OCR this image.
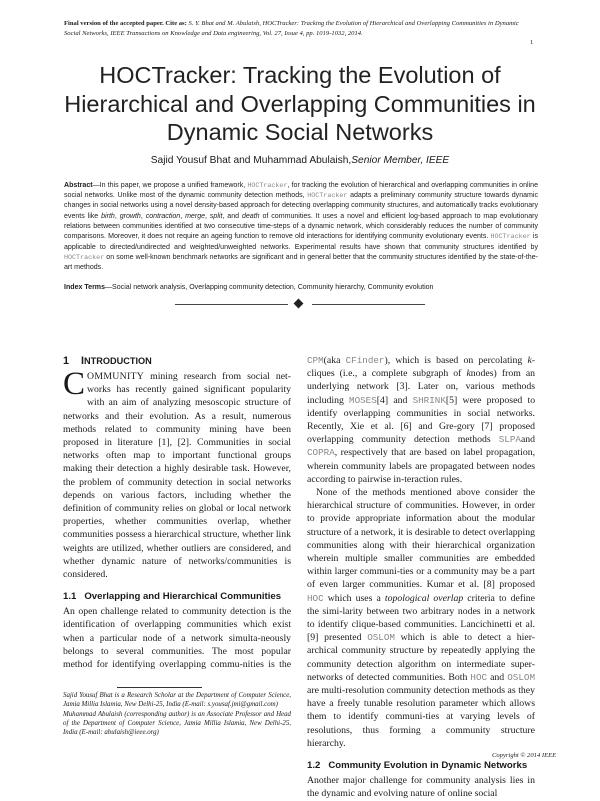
Final version of the accepted paper. Cite as: S. Y. Bhat and M. Abulaish, HOCTracker: Tracking the Evolution of Hierarchical and Overlapping Communities in Dynamic Social Networks, IEEE Transactions on Knowledge and Data engineering, Vol. 27, Issue 4, pp. 1019-1032, 2014.
1
HOCTracker: Tracking the Evolution of Hierarchical and Overlapping Communities in Dynamic Social Networks
Sajid Yousuf Bhat and Muhammad Abulaish,Senior Member, IEEE
Abstract—In this paper, we propose a unified framework, HOCTracker, for tracking the evolution of hierarchical and overlapping communities in online social networks. Unlike most of the dynamic community detection methods, HOCTracker adapts a preliminary community structure towards dynamic changes in social networks using a novel density-based approach for detecting overlapping community structures, and automatically tracks evolutionary events like birth, growth, contraction, merge, split, and death of communities. It uses a novel and efficient log-based approach to map evolutionary relations between communities identified at two consecutive time-steps of a dynamic network, which considerably reduces the number of community comparisons. Moreover, it does not require an ageing function to remove old interactions for identifying community evolutionary events. HOCTracker is applicable to directed/undirected and weighted/unweighted networks. Experimental results have shown that community structures identified by HOCTracker on some well-known benchmark networks are significant and in general better that the community structures identified by the state-of-the-art methods.
Index Terms—Social network analysis, Overlapping community detection, Community hierarchy, Community evolution
1 INTRODUCTION

COMMUNITY mining research from social net-works has recently gained significant popularity with an aim of analyzing mesoscopic structure of networks and their evolution. As a result, numerous methods related to community mining have been proposed in literature [1], [2]. Communities in social networks often map to important functional groups making their detection a highly desirable task. However, the problem of community detection in social networks depends on various factors, including whether the definition of community relies on global or local network properties, whether communities overlap, whether communities possess a hierarchical structure, whether link weights are utilized, whether outliers are considered, and whether dynamic nature of networks/communities is considered.

1.1   Overlapping and Hierarchical Communities

An open challenge related to community detection is the identification of overlapping communities which exist when a particular node of a network simulta-neously belongs to several communities. The most popular method for identifying overlapping commu-nities is the

CPM(aka CFinder), which is based on percolating k-cliques (i.e., a complete subgraph of knodes) from an underlying network [3]. Later on, various methods including MOSES[4] and SHRINK[5] were proposed to identify overlapping communities in social networks. Recently, Xie et al. [6] and Gre-gory [7] proposed overlapping community detection methods SLPAand COPRA, respectively that are based on label propagation, wherein community labels are propagated between nodes according to pairwise in-teraction rules.

None of the methods mentioned above consider the hierarchical structure of communities. However, in order to provide appropriate information about the modular structure of a network, it is desirable to detect overlapping communities along with their hierarchical organization wherein multiple smaller communities are embedded within larger communi-ties or a community may be a part of even larger communities. Kumar et al. [8] proposed HOC which uses a topological overlap criteria to define the simi-larity between two arbitrary nodes in a network to identify clique-based communities. Lancichinetti et al. [9] presented OSLOM which is able to detect a hier-archical community structure by repeatedly applying the community detection algorithm on intermediate super-networks of detected communities. Both HOC and OSLOM are multi-resolution community detection methods as they have a freely tunable resolution parameter which allows them to identify communi-ties at varying levels of resolutions, thus forming a community structure hierarchy.

1.2   Community Evolution in Dynamic Networks

Another major challenge for community analysis lies in the dynamic and evolving nature of online social

Sajid Yousuf Bhat is a Research Scholar at the Department of Computer Science, Jamia Millia Islamia, New Delhi-25, India (E-mail: s.yousaf.jmi@gmail.com)
Muhammad Abulaish (corresponding author) is an Associate Professor and Head of the Department of Computer Science, Jamia Millia Islamia, New Delhi-25, India (E-mail: abulaish@ieee.org)
Copyright © 2014 IEEE
